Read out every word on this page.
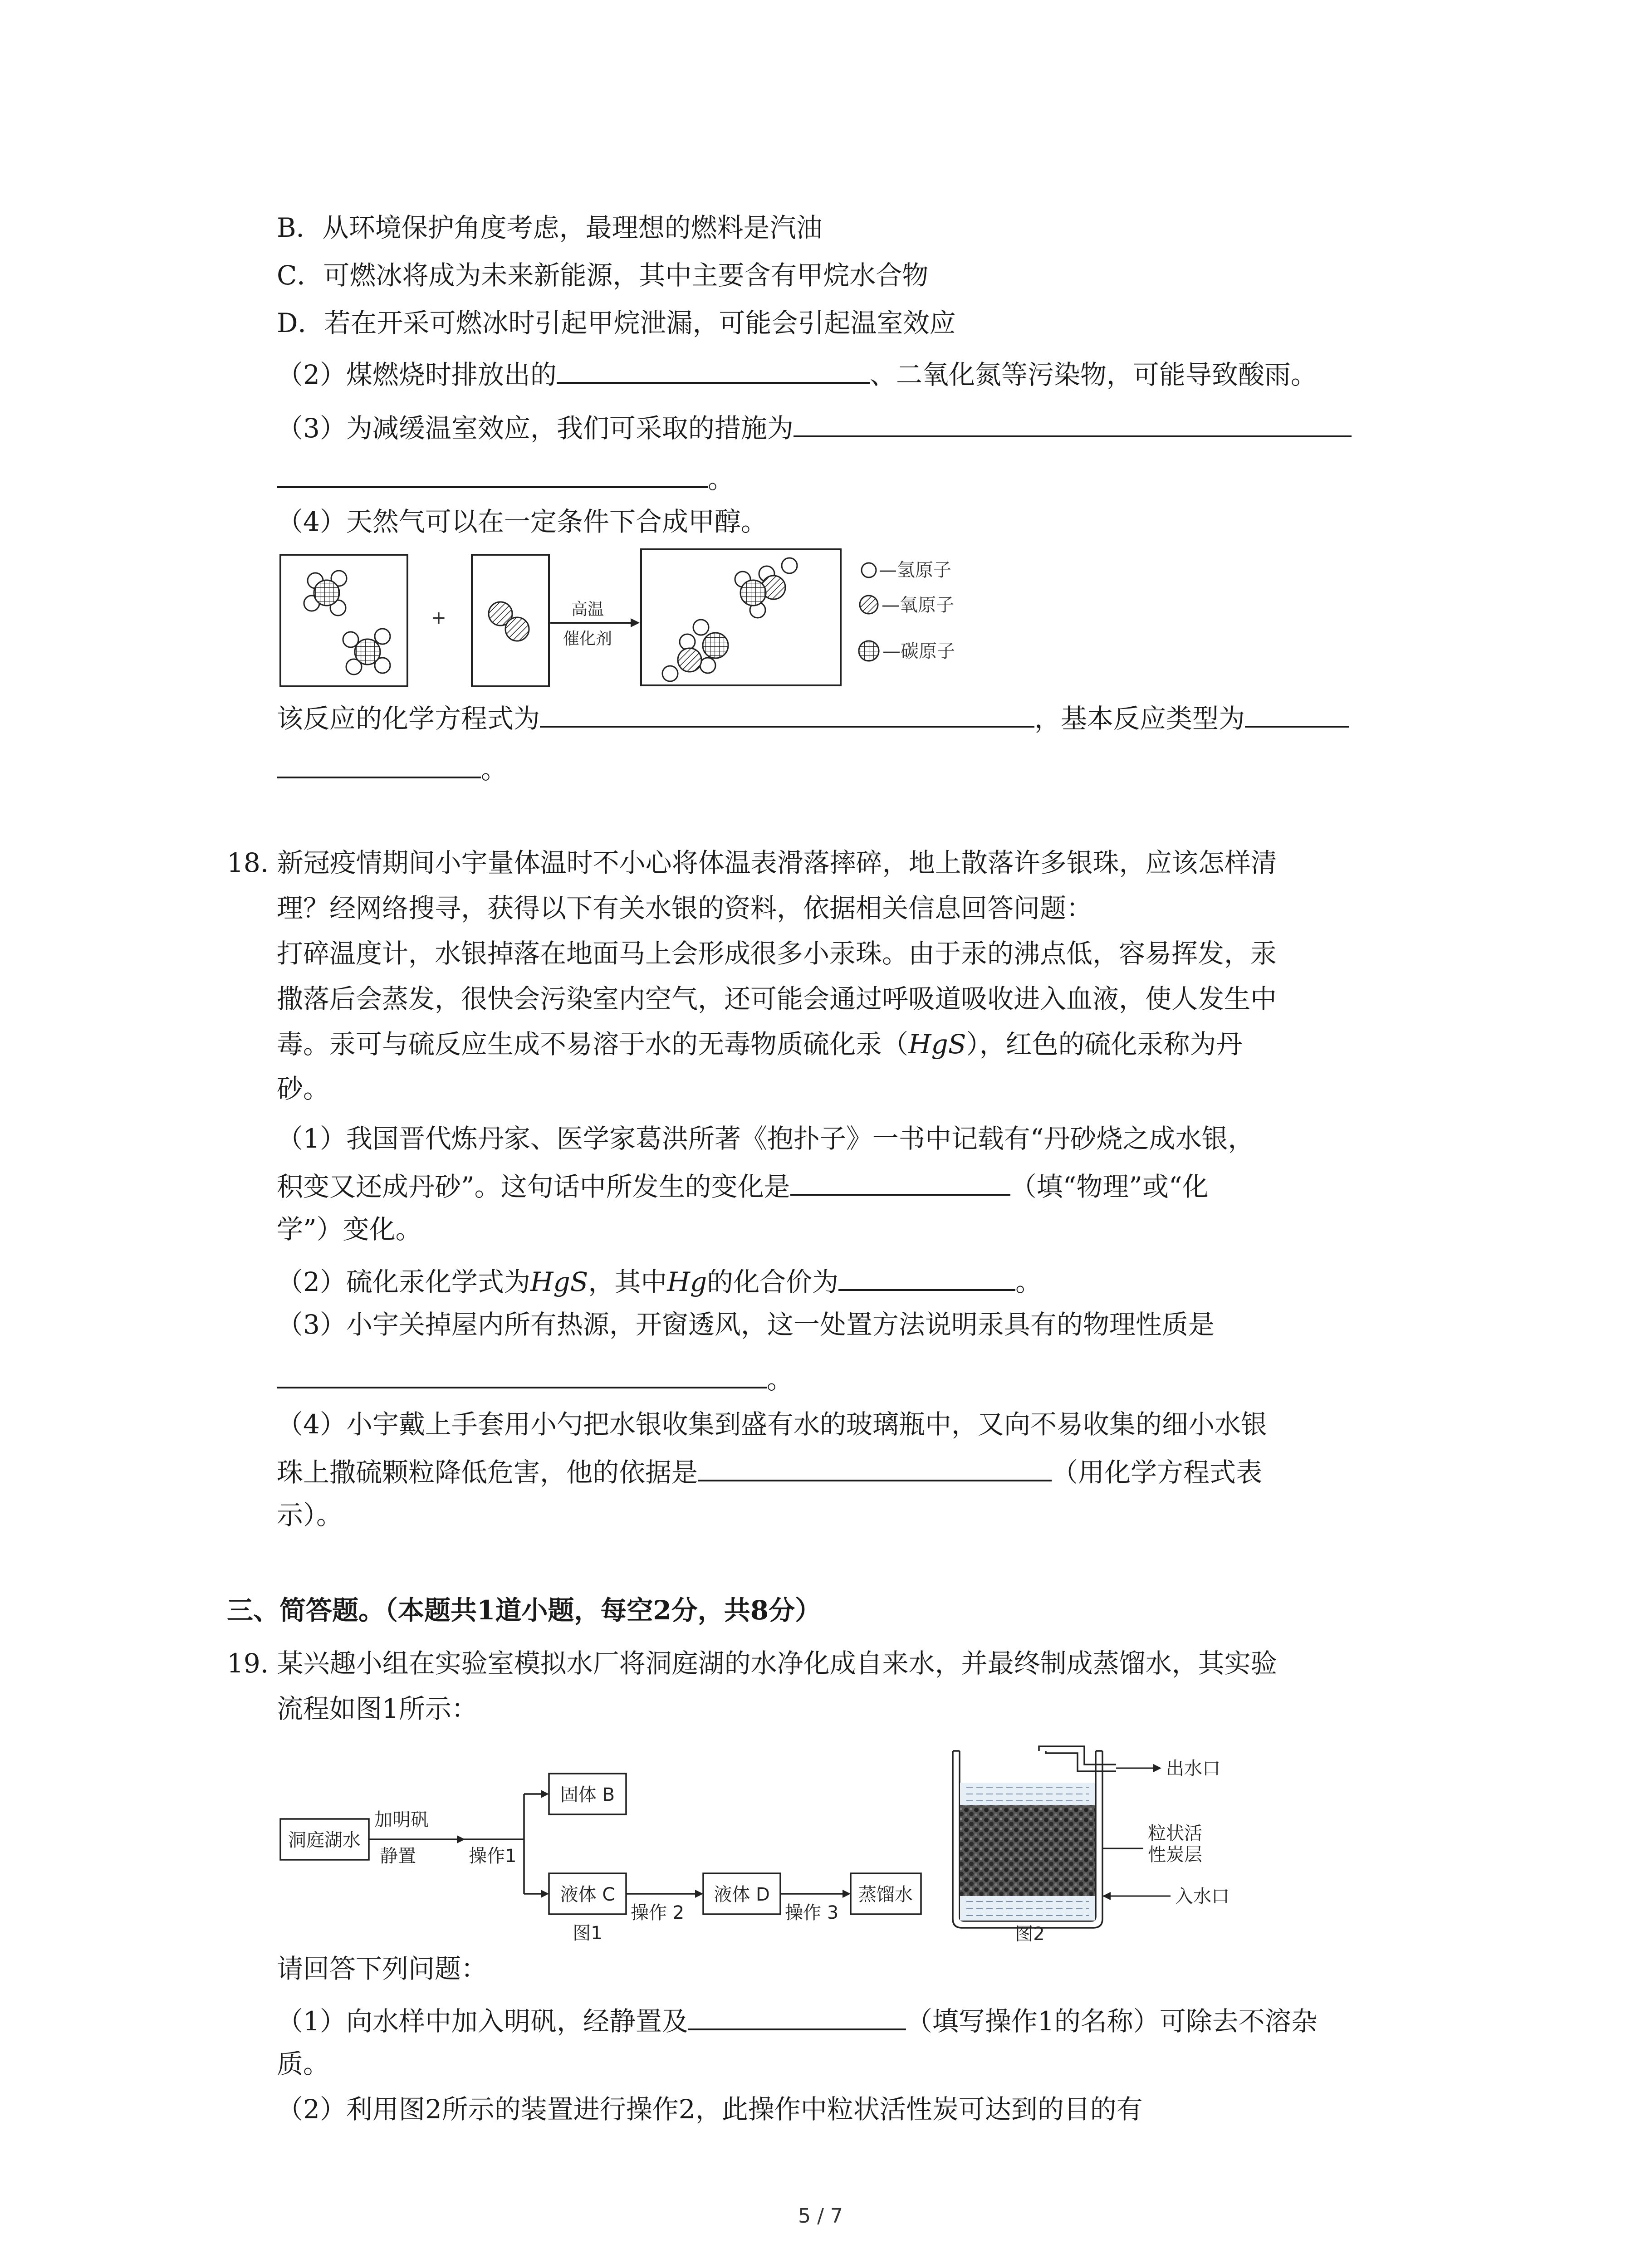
B．从环境保护角度考虑，最理想的燃料是汽油
C．可燃冰将成为未来新能源，其中主要含有甲烷水合物
D．若在开采可燃冰时引起甲烷泄漏，可能会引起温室效应
（2）煤燃烧时排放出的	、二氧化氮等污染物，可能导致酸雨。
（3）为减缓温室效应，我们可采取的措施为
。
（4）天然气可以在一定条件下合成甲醇。
+	高温
催化剂
—氢原子
—氧原子
—碳原子
该反应的化学方程式为	，基本反应类型为
。
18. 新冠疫情期间小宇量体温时不小心将体温表滑落摔碎，地上散落许多银珠，应该怎样清
理？经网络搜寻，获得以下有关水银的资料，依据相关信息回答问题：
打碎温度计，水银掉落在地面马上会形成很多小汞珠。由于汞的沸点低，容易挥发，汞
撒落后会蒸发，很快会污染室内空气，还可能会通过呼吸道吸收进入血液，使人发生中
毒。汞可与硫反应生成不易溶于水的无毒物质硫化汞（HgS），红色的硫化汞称为丹
砂。
（1）我国晋代炼丹家、医学家葛洪所著《抱扑子》一书中记载有“丹砂烧之成水银，
积变又还成丹砂”。这句话中所发生的变化是	（填“物理”或“化
学”）变化。
（2）硫化汞化学式为HgS，其中Hg的化合价为	。
（3）小宇关掉屋内所有热源，开窗透风，这一处置方法说明汞具有的物理性质是
。
（4）小宇戴上手套用小勺把水银收集到盛有水的玻璃瓶中，又向不易收集的细小水银
珠上撒硫颗粒降低危害，他的依据是	（用化学方程式表
示）。
三、简答题。（本题共1道小题，每空2分，共8分）
19. 某兴趣小组在实验室模拟水厂将洞庭湖的水净化成自来水，并最终制成蒸馏水，其实验
流程如图1所示：
洞庭湖水
加明矾
静置	操作1
固体 B
液体 C
操作 2
液体 D
操作 3
蒸馏水
图1
出水口
粒状活
性炭层
入水口
图2
请回答下列问题：
（1）向水样中加入明矾，经静置及	（填写操作1的名称）可除去不溶杂
质。
（2）利用图2所示的装置进行操作2，此操作中粒状活性炭可达到的目的有
5 / 7
